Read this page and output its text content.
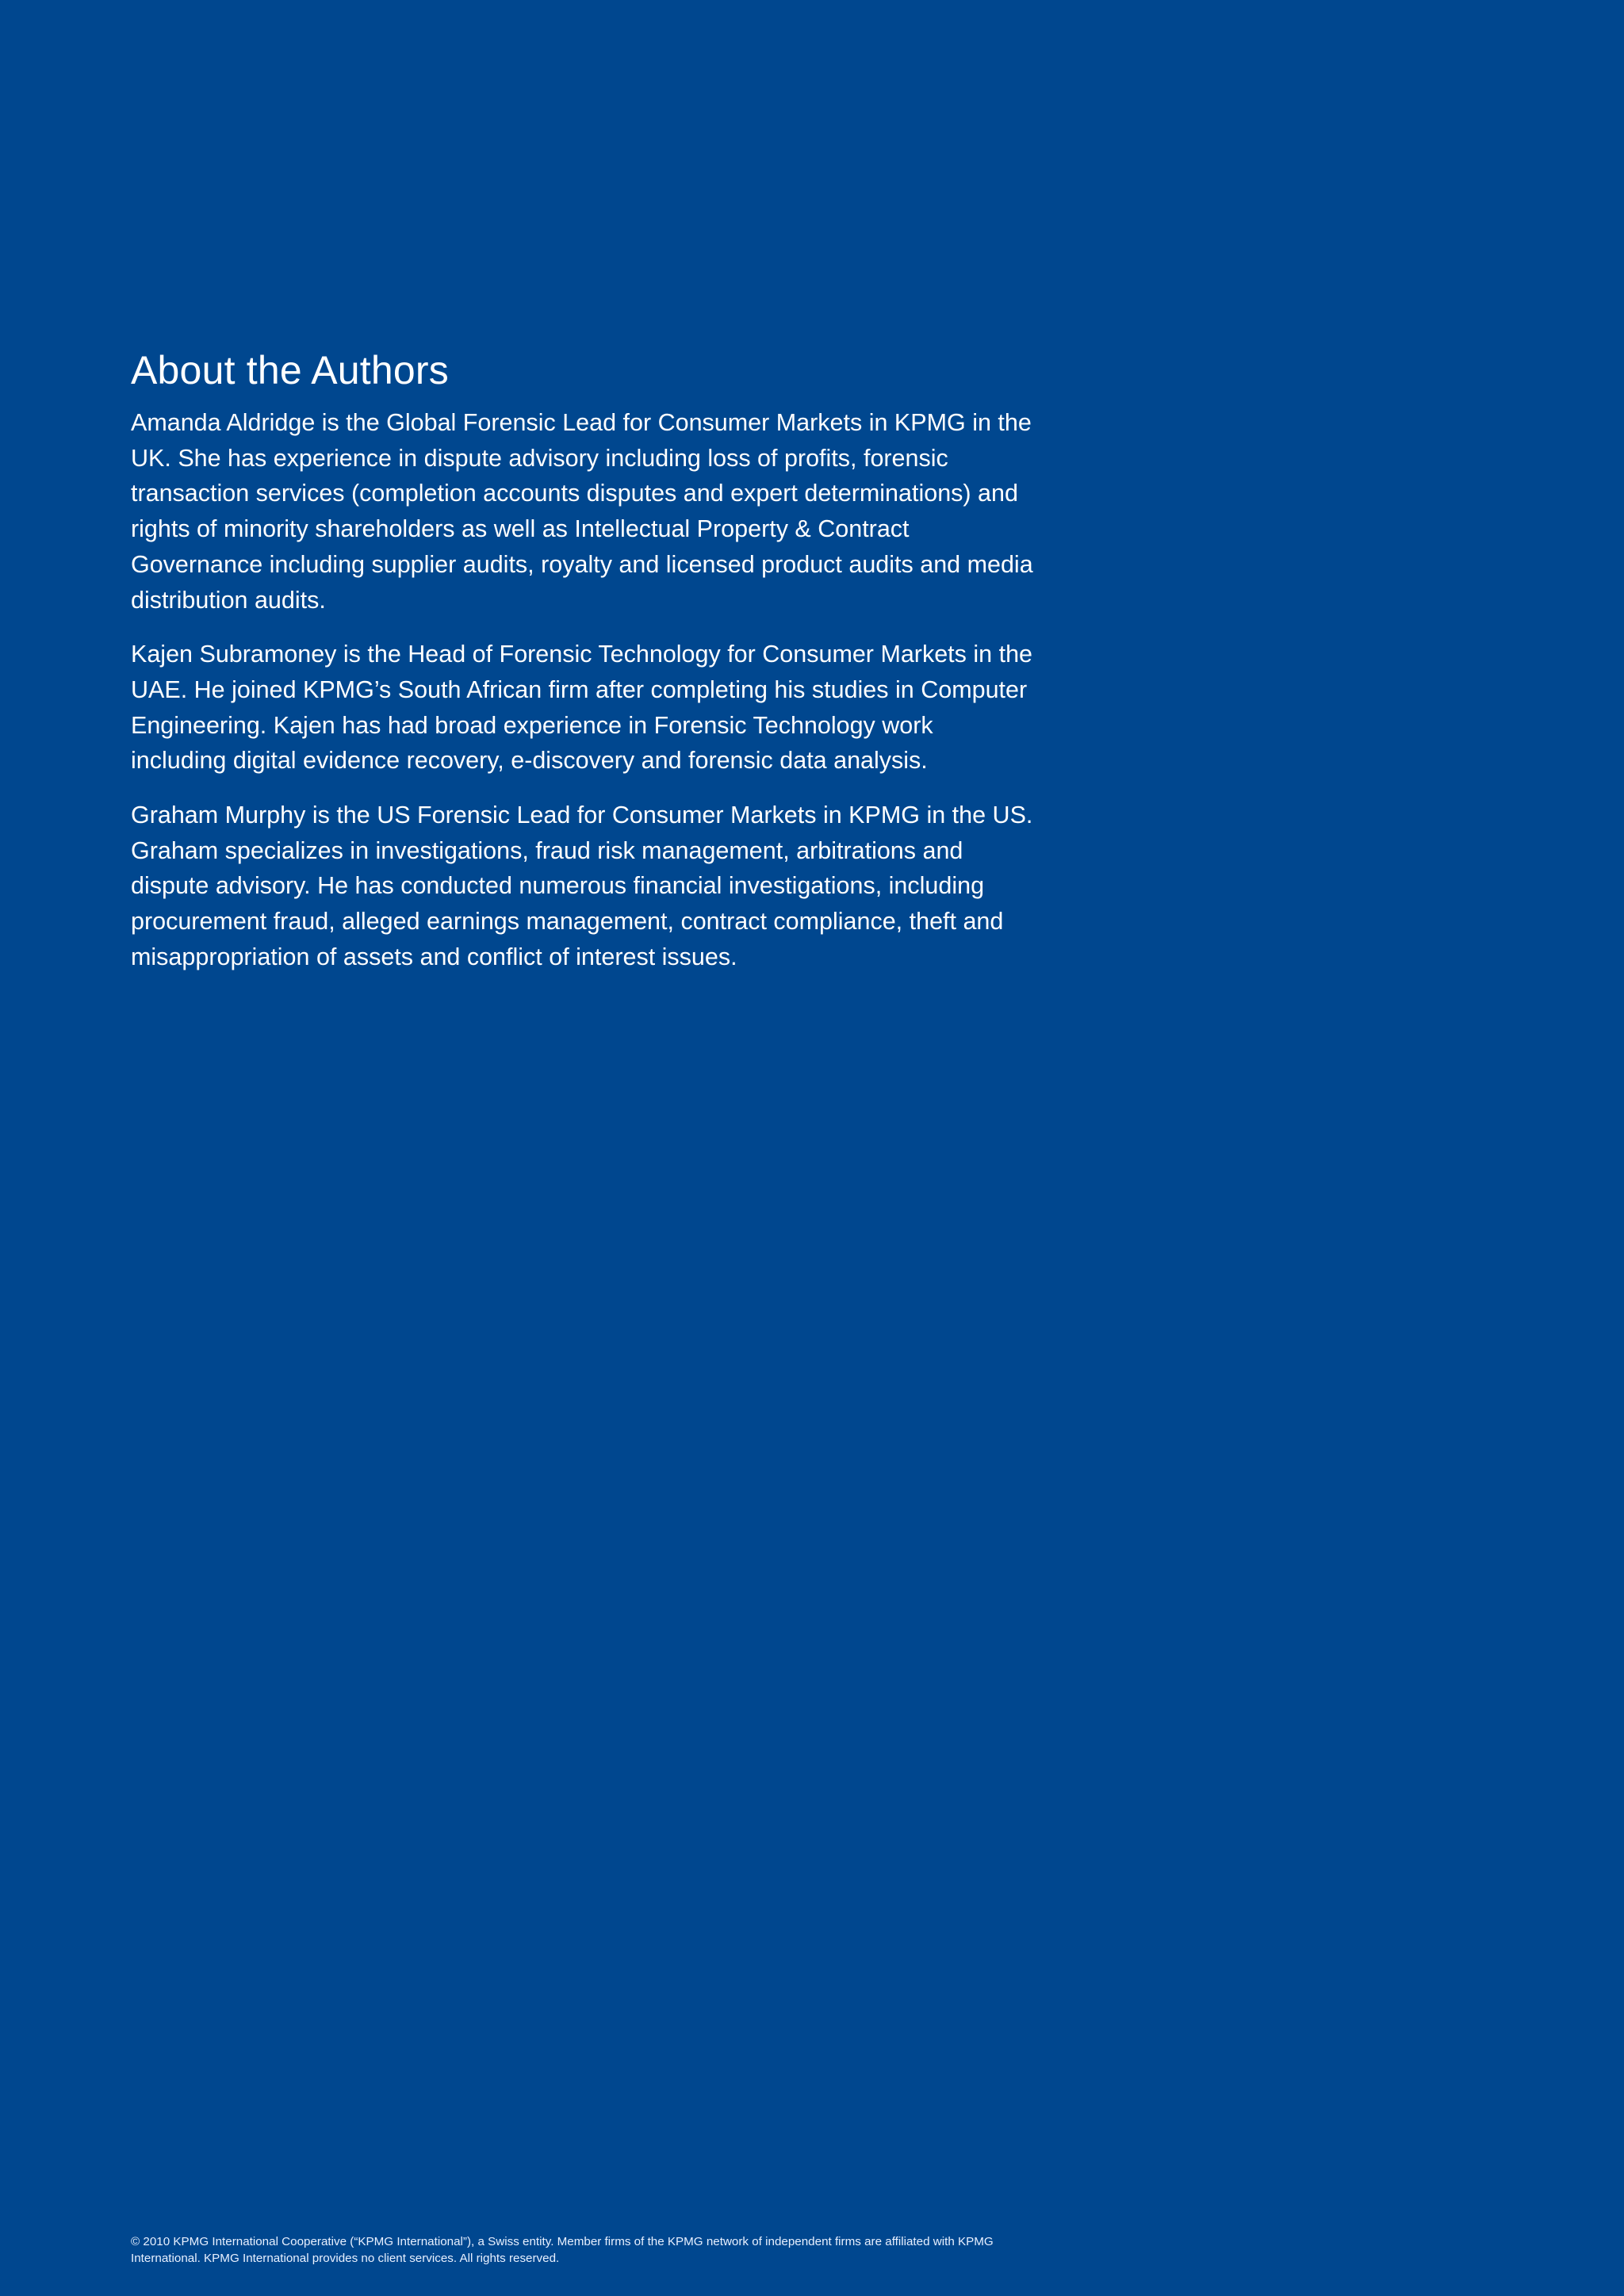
About the Authors

Amanda Aldridge is the Global Forensic Lead for Consumer Markets in KPMG in the UK. She has experience in dispute advisory including loss of profits, forensic transaction services (completion accounts disputes and expert determinations) and rights of minority shareholders as well as Intellectual Property & Contract Governance including supplier audits, royalty and licensed product audits and media distribution audits.

Kajen Subramoney is the Head of Forensic Technology for Consumer Markets in the UAE. He joined KPMG’s South African firm after completing his studies in Computer Engineering. Kajen has had broad experience in Forensic Technology work including digital evidence recovery, e-discovery and forensic data analysis.

Graham Murphy is the US Forensic Lead for Consumer Markets in KPMG in the US. Graham specializes in investigations, fraud risk management, arbitrations and dispute advisory. He has conducted numerous financial investigations, including procurement fraud, alleged earnings management, contract compliance, theft and misappropriation of assets and conflict of interest issues.

© 2010 KPMG International Cooperative (“KPMG International”), a Swiss entity. Member firms of the KPMG network of independent firms are affiliated with KPMG International. KPMG International provides no client services. All rights reserved.
